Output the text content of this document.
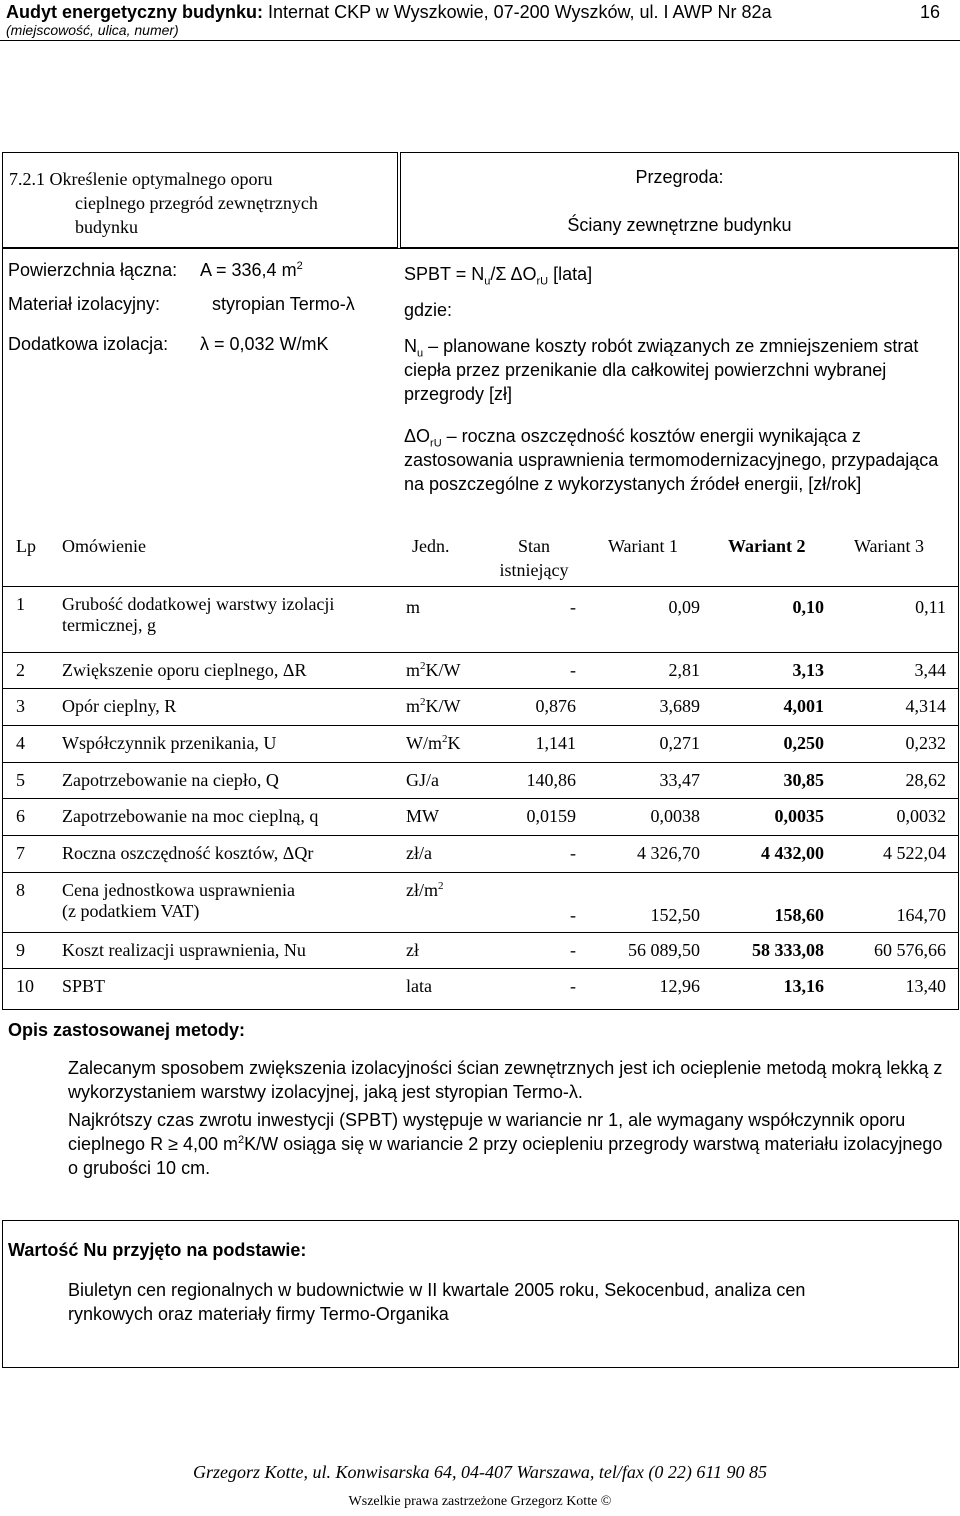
Audyt energetyczny budynku: Internat CKP w Wyszkowie, 07-200 Wyszków, ul. I AWP Nr 82a
(miejscowość, ulica, numer)
16
7.2.1 Określenie optymalnego oporu
cieplnego przegród zewnętrznych
budynku
Przegroda:
Ściany zewnętrzne budynku
Powierzchnia łączna: A = 336,4 $m^2$
Materiał izolacyjny:	styropian Termo-λ
Dodatkowa izolacja: λ = 0,032 W/mK
SPBT = $N_u/\Sigma$ $\Delta O_{rU}$ [lata]
gdzie:
$N_u$ – planowane koszty robót związanych ze zmniejszeniem strat ciepła przez przenikanie dla całkowitej powierzchni wybranej przegrody [zł]
$\Delta O_{rU}$ – roczna oszczędność kosztów energii wynikająca z zastosowania usprawnienia termomodernizacyjnego, przypadająca na poszczególne z wykorzystanych źródeł energii, [zł/rok]
Lp Omówienie	Jedn.	Stan
istniejący
Wariant 1	Wariant 2	Wariant 3
1 Grubość dodatkowej warstwy izolacji
termicznej, g
m	-	0,09	0,10	0,11
2 Zwiększenie oporu cieplnego, ΔR	$m^2K/W$	-	2,81	3,13	3,44
3 Opór cieplny, R	$m^2K/W$	0,876	3,689	4,001	4,314
4 Współczynnik przenikania, U	$W/m^2K$	1,141	0,271	0,250	0,232
5 Zapotrzebowanie na ciepło, Q	GJ/a	140,86	33,47	30,85	28,62
6 Zapotrzebowanie na moc cieplną, q	MW	0,0159	0,0038	0,0035	0,0032
7 Roczna oszczędność kosztów, ΔQr	zł/a	-	4 326,70	4 432,00	4 522,04
8 Cena jednostkowa usprawnienia
(z podatkiem VAT)
$zł/m^2$
-	152,50	158,60	164,70
9 Koszt realizacji usprawnienia, Nu	zł	-	56 089,50	58 333,08	60 576,66
10 SPBT	lata	-	12,96	13,16	13,40
Opis zastosowanej metody:
Zalecanym sposobem zwiększenia izolacyjności ścian zewnętrznych jest ich ocieplenie metodą mokrą lekką z wykorzystaniem warstwy izolacyjnej, jaką jest styropian Termo-λ.
Najkrótszy czas zwrotu inwestycji (SPBT) występuje w wariancie nr 1, ale wymagany współczynnik oporu cieplnego R ≥ 4,00 $m^2K/W$ osiąga się w wariancie 2 przy ociepleniu przegrody warstwą materiału izolacyjnego o grubości 10 cm.
Wartość Nu przyjęto na podstawie:
Biuletyn cen regionalnych w budownictwie w II kwartale 2005 roku, Sekocenbud, analiza cen rynkowych oraz materiały firmy Termo-Organika
Grzegorz Kotte, ul. Konwisarska 64, 04-407 Warszawa, tel/fax (0 22) 611 90 85
Wszelkie prawa zastrzeżone Grzegorz Kotte ©
